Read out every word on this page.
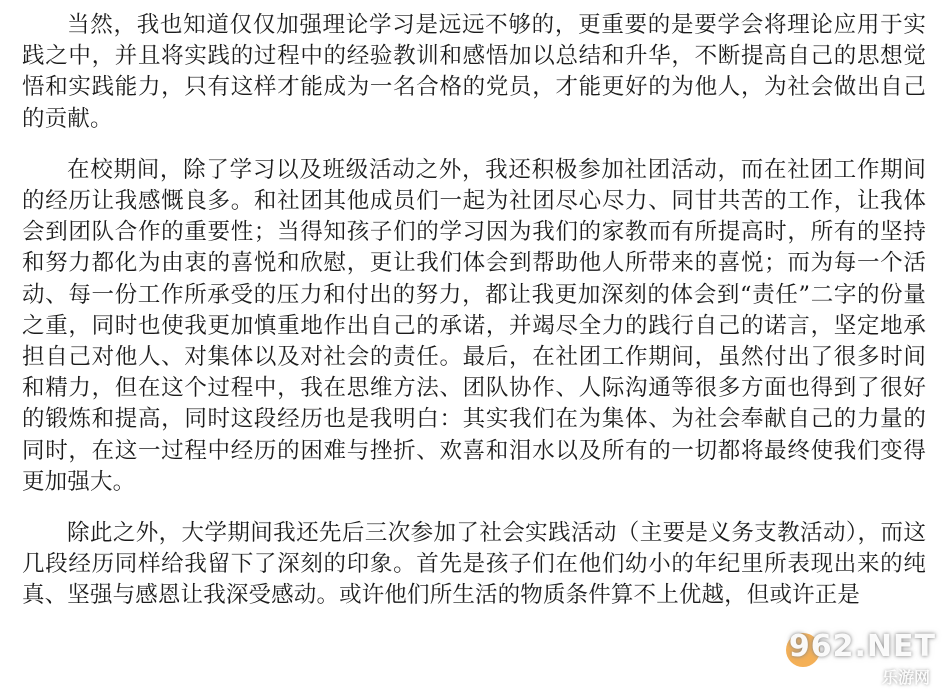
当然，我也知道仅仅加强理论学习是远远不够的，更重要的是要学会将理论应用于实践之中，并且将实践的过程中的经验教训和感悟加以总结和升华，不断提高自己的思想觉悟和实践能力，只有这样才能成为一名合格的党员，才能更好的为他人，为社会做出自己的贡献。

在校期间，除了学习以及班级活动之外，我还积极参加社团活动，而在社团工作期间的经历让我感慨良多。和社团其他成员们一起为社团尽心尽力、同甘共苦的工作，让我体会到团队合作的重要性；当得知孩子们的学习因为我们的家教而有所提高时，所有的坚持和努力都化为由衷的喜悦和欣慰，更让我们体会到帮助他人所带来的喜悦；而为每一个活动、每一份工作所承受的压力和付出的努力，都让我更加深刻的体会到“责任”二字的份量之重，同时也使我更加慎重地作出自己的承诺，并竭尽全力的践行自己的诺言，坚定地承担自己对他人、对集体以及对社会的责任。最后，在社团工作期间，虽然付出了很多时间和精力，但在这个过程中，我在思维方法、团队协作、人际沟通等很多方面也得到了很好的锻炼和提高，同时这段经历也是我明白：其实我们在为集体、为社会奉献自己的力量的同时，在这一过程中经历的困难与挫折、欢喜和泪水以及所有的一切都将最终使我们变得更加强大。

除此之外，大学期间我还先后三次参加了社会实践活动（主要是义务支教活动），而这几段经历同样给我留下了深刻的印象。首先是孩子们在他们幼小的年纪里所表现出来的纯真、坚强与感恩让我深受感动。或许他们所生活的物质条件算不上优越，但或许正是

962.NET
乐游网
